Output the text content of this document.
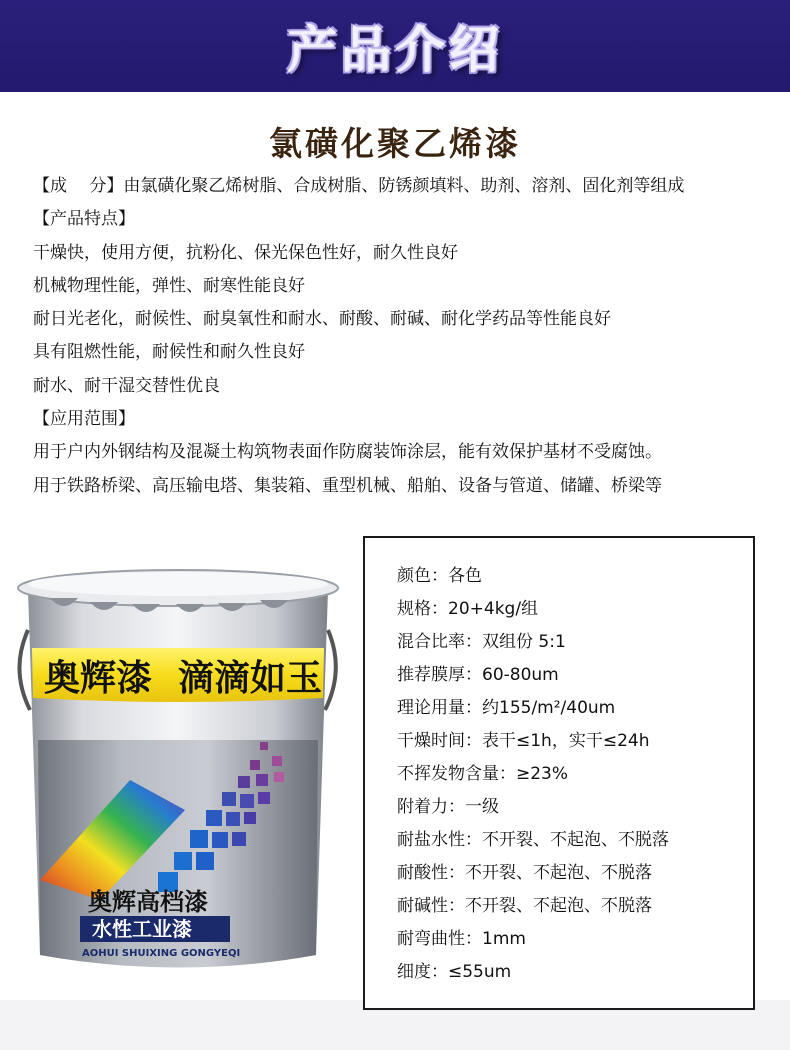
产品介绍
氯磺化聚乙烯漆
【成　 分】由氯磺化聚乙烯树脂、合成树脂、防锈颜填料、助剂、溶剂、固化剂等组成
【产品特点】
干燥快，使用方便，抗粉化、保光保色性好，耐久性良好
机械物理性能，弹性、耐寒性能良好
耐日光老化，耐候性、耐臭氧性和耐水、耐酸、耐碱、耐化学药品等性能良好
具有阻燃性能，耐候性和耐久性良好
耐水、耐干湿交替性优良
【应用范围】
用于户内外钢结构及混凝土构筑物表面作防腐装饰涂层，能有效保护基材不受腐蚀。
用于铁路桥梁、高压输电塔、集装箱、重型机械、船舶、设备与管道、储罐、桥梁等
奥辉漆 滴滴如玉
奥辉高档漆
水性工业漆
AOHUI SHUIXING GONGYEQI
颜色：各色
规格：20+4kg/组
混合比率：双组份 5:1
推荐膜厚：60-80um
理论用量：约155/m²/40um
干燥时间：表干≤1h，实干≤24h
不挥发物含量：≥23%
附着力：一级
耐盐水性：不开裂、不起泡、不脱落
耐酸性：不开裂、不起泡、不脱落
耐碱性：不开裂、不起泡、不脱落
耐弯曲性：1mm
细度：≤55um
